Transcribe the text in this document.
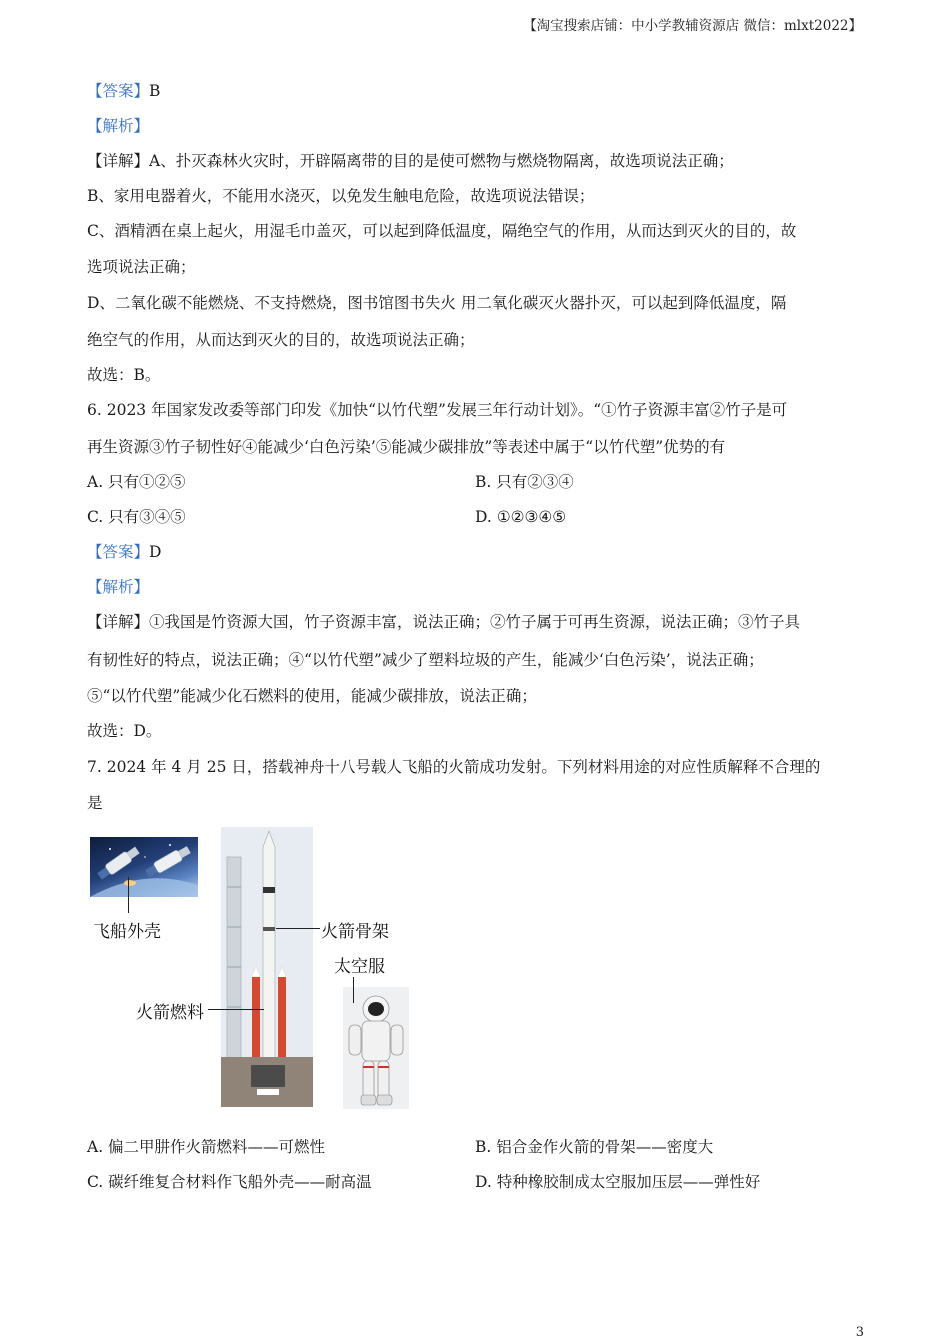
【淘宝搜索店铺：中小学教辅资源店 微信：mlxt2022】
【答案】B
【解析】
【详解】A、扑灭森林火灾时，开辟隔离带的目的是使可燃物与燃烧物隔离，故选项说法正确；
B、家用电器着火，不能用水浇灭，以免发生触电危险，故选项说法错误；
C、酒精洒在桌上起火，用湿毛巾盖灭，可以起到降低温度，隔绝空气的作用，从而达到灭火的目的，故
选项说法正确；
D、二氧化碳不能燃烧、不支持燃烧，图书馆图书失火 用二氧化碳灭火器扑灭，可以起到降低温度，隔
绝空气的作用，从而达到灭火的目的，故选项说法正确；
故选：B。
6. 2023 年国家发改委等部门印发《加快“以竹代塑”发展三年行动计划》。“①竹子资源丰富②竹子是可
再生资源③竹子韧性好④能减少‘白色污染’⑤能减少碳排放”等表述中属于“以竹代塑”优势的有
A. 只有①②⑤	B. 只有②③④
C. 只有③④⑤	D. ①②③④⑤
【答案】D
【解析】
【详解】①我国是竹资源大国，竹子资源丰富，说法正确；②竹子属于可再生资源，说法正确；③竹子具
有韧性好的特点，说法正确；④“以竹代塑”减少了塑料垃圾的产生，能减少‘白色污染’，说法正确；
⑤“以竹代塑”能减少化石燃料的使用，能减少碳排放，说法正确；
故选：D。
7. 2024 年 4 月 25 日，搭载神舟十八号载人飞船的火箭成功发射。下列材料用途的对应性质解释不合理的
是
飞船外壳	火箭骨架
太空服
火箭燃料
A. 偏二甲肼作火箭燃料——可燃性	B. 铝合金作火箭的骨架——密度大
C. 碳纤维复合材料作飞船外壳——耐高温	D. 特种橡胶制成太空服加压层——弹性好
3
